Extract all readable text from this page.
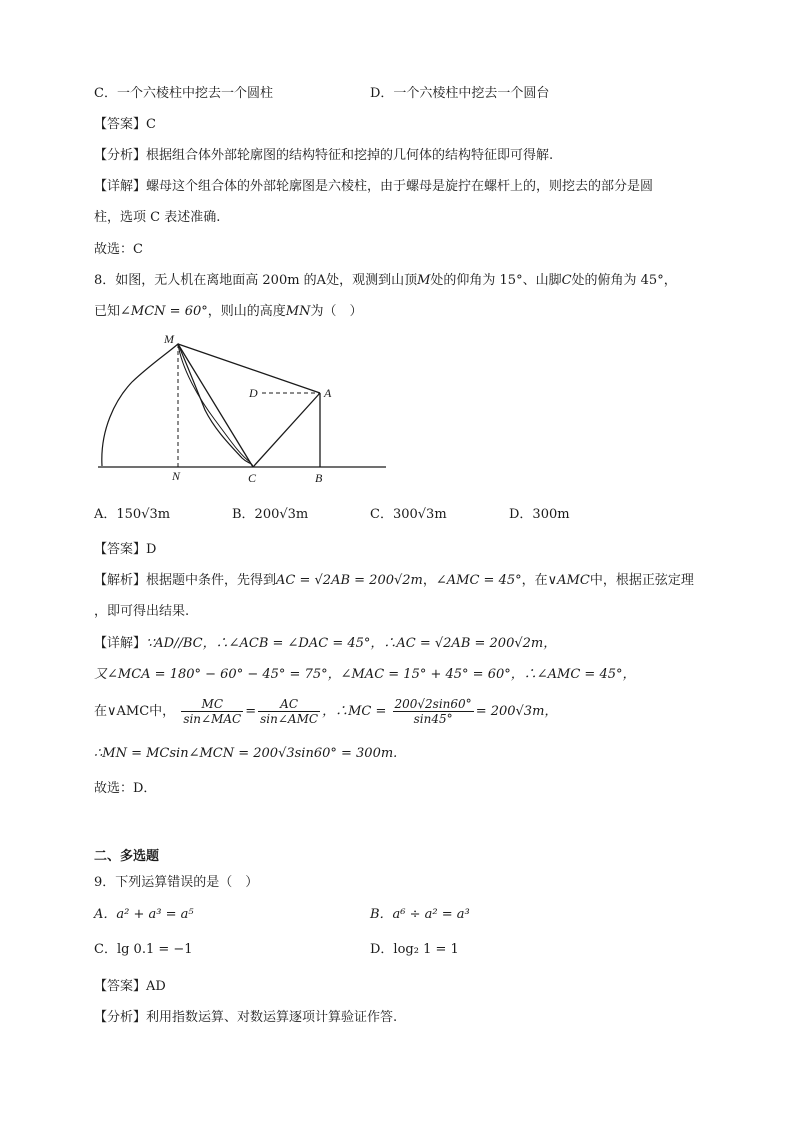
C．一个六棱柱中挖去一个圆柱	D．一个六棱柱中挖去一个圆台
【答案】C
【分析】根据组合体外部轮廓图的结构特征和挖掉的几何体的结构特征即可得解.
【详解】螺母这个组合体的外部轮廓图是六棱柱，由于螺母是旋拧在螺杆上的，则挖去的部分是圆
柱，选项 C 表述准确.
故选：C
8．如图，无人机在离地面高 200m 的A处，观测到山顶M处的仰角为 15°、山脚C处的俯角为 45°，
已知∠MCN = 60°，则山的高度MN为（　）
M
D	A
N	C	B
A．150√3m	B．200√3m	C．300√3m	D．300m
【答案】D
【解析】根据题中条件，先得到AC = √2AB = 200√2m，∠AMC = 45°，在∨AMC中，根据正弦定理
，即可得出结果.
【详解】∵AD//BC，∴∠ACB = ∠DAC = 45°，∴AC = √2AB = 200√2m，
又∠MCA = 180° − 60° − 45° = 75°，∠MAC = 15° + 45° = 60°，∴∠AMC = 45°，
在∨AMC中， $\frac{MC}{\text{sin∠MAC}} = \frac{AC}{\text{sin∠AMC}}$ ，∴MC = $\frac{200√2\sin 60^\circ}{\sin 45^\circ} = 200√3m$，
∴MN = MCsin∠MCN = 200√3sin60° = 300m.
故选：D．
二、多选题
9．下列运算错误的是（　）
A．a² + a³ = a⁵	B．a⁶ ÷ a² = a³
C．lg 0.1 = −1	D．log₂ 1 = 1
【答案】AD
【分析】利用指数运算、对数运算逐项计算验证作答.
